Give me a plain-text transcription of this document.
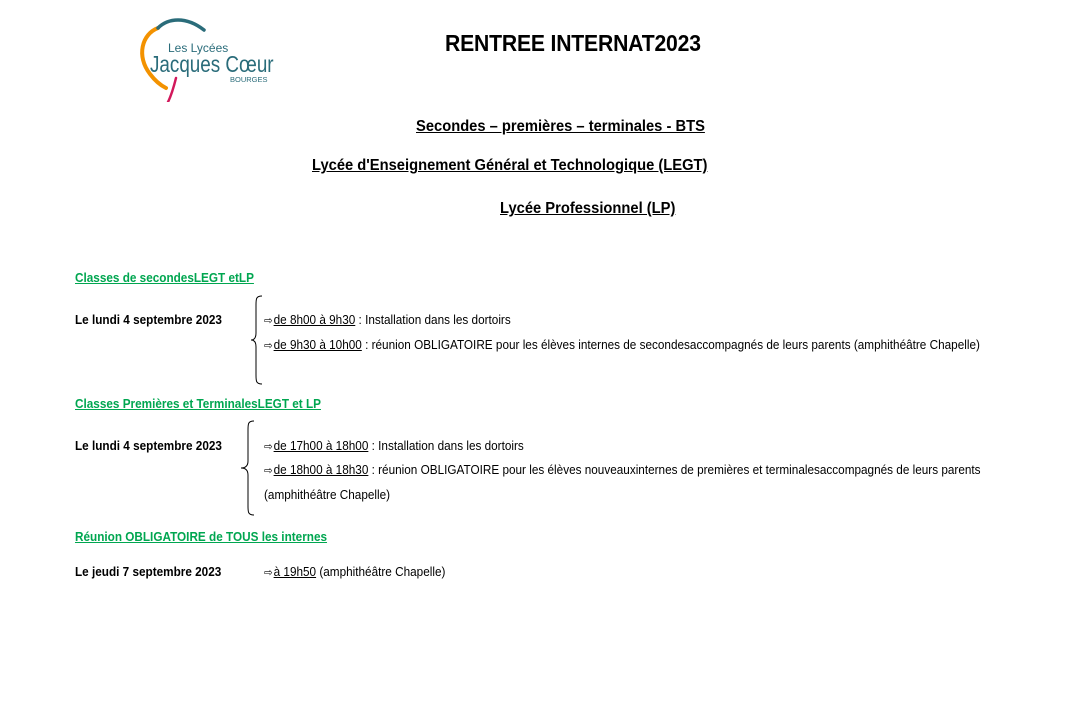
Les Lycées
Jacques Cœur
BOURGES
RENTREE INTERNAT2023
Secondes – premières – terminales - BTS
Lycée d'Enseignement Général et Technologique (LEGT)
Lycée Professionnel (LP)
Classes de secondesLEGT etLP
Le lundi 4 septembre 2023	⇨de 8h00 à 9h30 : Installation dans les dortoirs
⇨de 9h30 à 10h00 : réunion OBLIGATOIRE pour les élèves internes de secondesaccompagnés de leurs parents (amphithéâtre Chapelle)
Classes Premières et TerminalesLEGT et LP
Le lundi 4 septembre 2023	⇨de 17h00 à 18h00 : Installation dans les dortoirs
⇨de 18h00 à 18h30 : réunion OBLIGATOIRE pour les élèves nouveauxinternes de premières et terminalesaccompagnés de leurs parents
(amphithéâtre Chapelle)
Réunion OBLIGATOIRE de TOUS les internes
Le jeudi 7 septembre 2023	⇨à 19h50 (amphithéâtre Chapelle)
